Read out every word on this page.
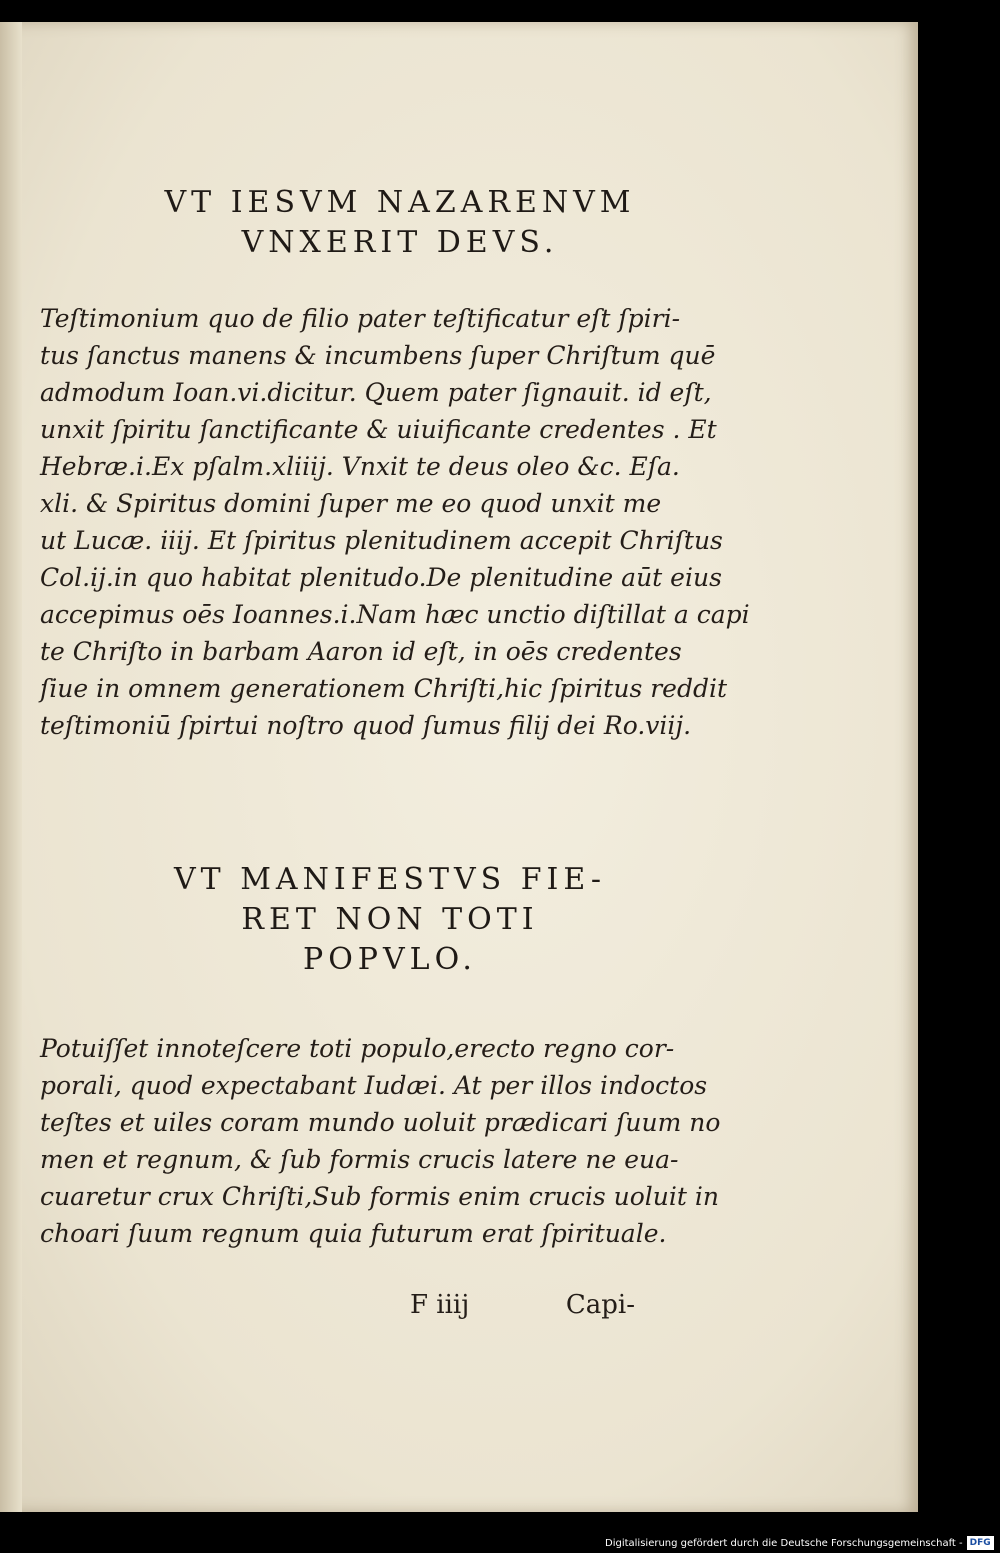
VT IESVM NAZARENVM
VNXERIT DEVS.
Teſtimonium quo de filio pater teſtificatur eſt ſpiri-
tus ſanctus manens & incumbens ſuper Chriſtum quē
admodum Ioan.vi.dicitur. Quem pater ſignauit. id eſt,
unxit ſpiritu ſanctificante & uiuificante credentes . Et
Hebræ.i.Ex pſalm.xliiij. Vnxit te deus oleo &c. Eſa.
xli. & Spiritus domini ſuper me eo quod unxit me
ut Lucæ. iiij. Et ſpiritus plenitudinem accepit Chriſtus
Col.ij.in quo habitat plenitudo.De plenitudine aūt eius
accepimus oēs Ioannes.i.Nam hæc unctio diſtillat a capi
te Chriſto in barbam Aaron id eſt, in oēs credentes
ſiue in omnem generationem Chriſti,hic ſpiritus reddit
teſtimoniū ſpirtui noſtro quod ſumus filij dei Ro.viij.
VT MANIFESTVS FIE-
RET NON TOTI
POPVLO.
Potuiſſet innoteſcere toti populo,erecto regno cor-
porali, quod expectabant Iudæi. At per illos indoctos
teſtes et uiles coram mundo uoluit prædicari ſuum no
men et regnum, & ſub formis crucis latere ne eua-
cuaretur crux Chriſti,Sub formis enim crucis uoluit in
choari ſuum regnum quia futurum erat ſpirituale.
F iiij	Capi-
Digitalisierung gefördert durch die Deutsche Forschungsgemeinschaft - DFG
